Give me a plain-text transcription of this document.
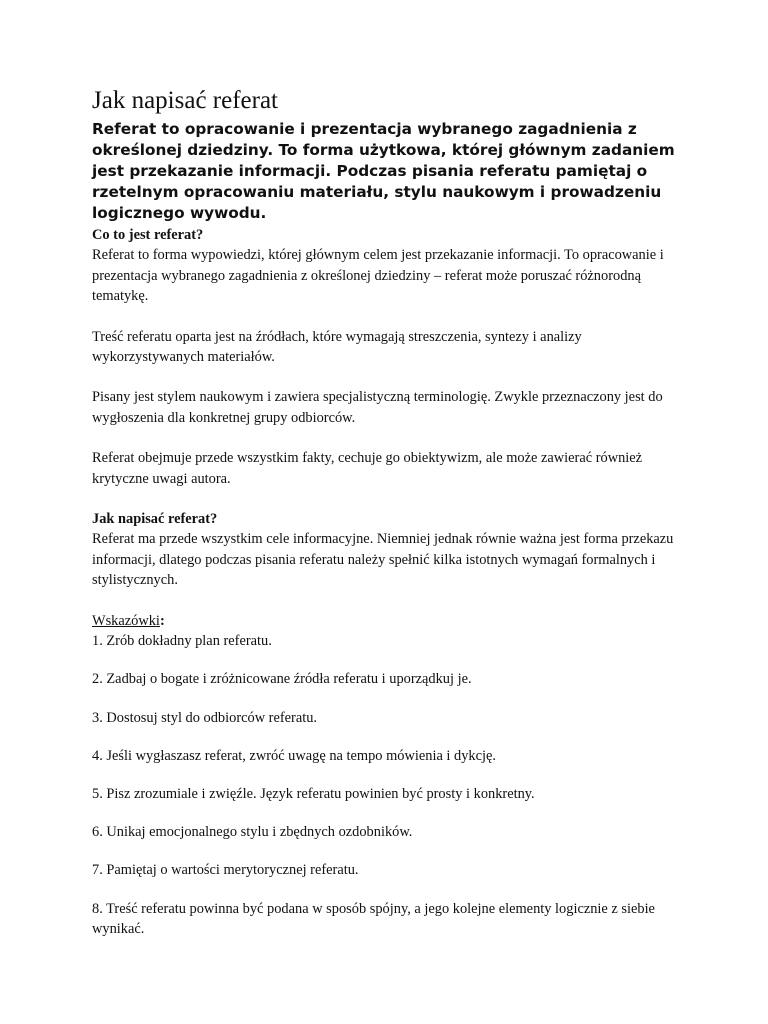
Jak napisać referat

Referat to opracowanie i prezentacja wybranego zagadnienia z określonej dziedziny. To forma użytkowa, której głównym zadaniem jest przekazanie informacji. Podczas pisania referatu pamiętaj o rzetelnym opracowaniu materiału, stylu naukowym i prowadzeniu logicznego wywodu.

Co to jest referat?

Referat to forma wypowiedzi, której głównym celem jest przekazanie informacji. To opracowanie i prezentacja wybranego zagadnienia z określonej dziedziny – referat może poruszać różnorodną tematykę.

Treść referatu oparta jest na źródłach, które wymagają streszczenia, syntezy i analizy wykorzystywanych materiałów.

Pisany jest stylem naukowym i zawiera specjalistyczną terminologię. Zwykle przeznaczony jest do wygłoszenia dla konkretnej grupy odbiorców.

Referat obejmuje przede wszystkim fakty, cechuje go obiektywizm, ale może zawierać również krytyczne uwagi autora.

Jak napisać referat?

Referat ma przede wszystkim cele informacyjne. Niemniej jednak równie ważna jest forma przekazu informacji, dlatego podczas pisania referatu należy spełnić kilka istotnych wymagań formalnych i stylistycznych.

Wskazówki:

1. Zrób dokładny plan referatu.
2. Zadbaj o bogate i zróżnicowane źródła referatu i uporządkuj je.
3. Dostosuj styl do odbiorców referatu.
4. Jeśli wygłaszasz referat, zwróć uwagę na tempo mówienia i dykcję.
5. Pisz zrozumiale i zwięźle. Język referatu powinien być prosty i konkretny.
6. Unikaj emocjonalnego stylu i zbędnych ozdobników.
7. Pamiętaj o wartości merytorycznej referatu.
8. Treść referatu powinna być podana w sposób spójny, a jego kolejne elementy logicznie z siebie wynikać.
